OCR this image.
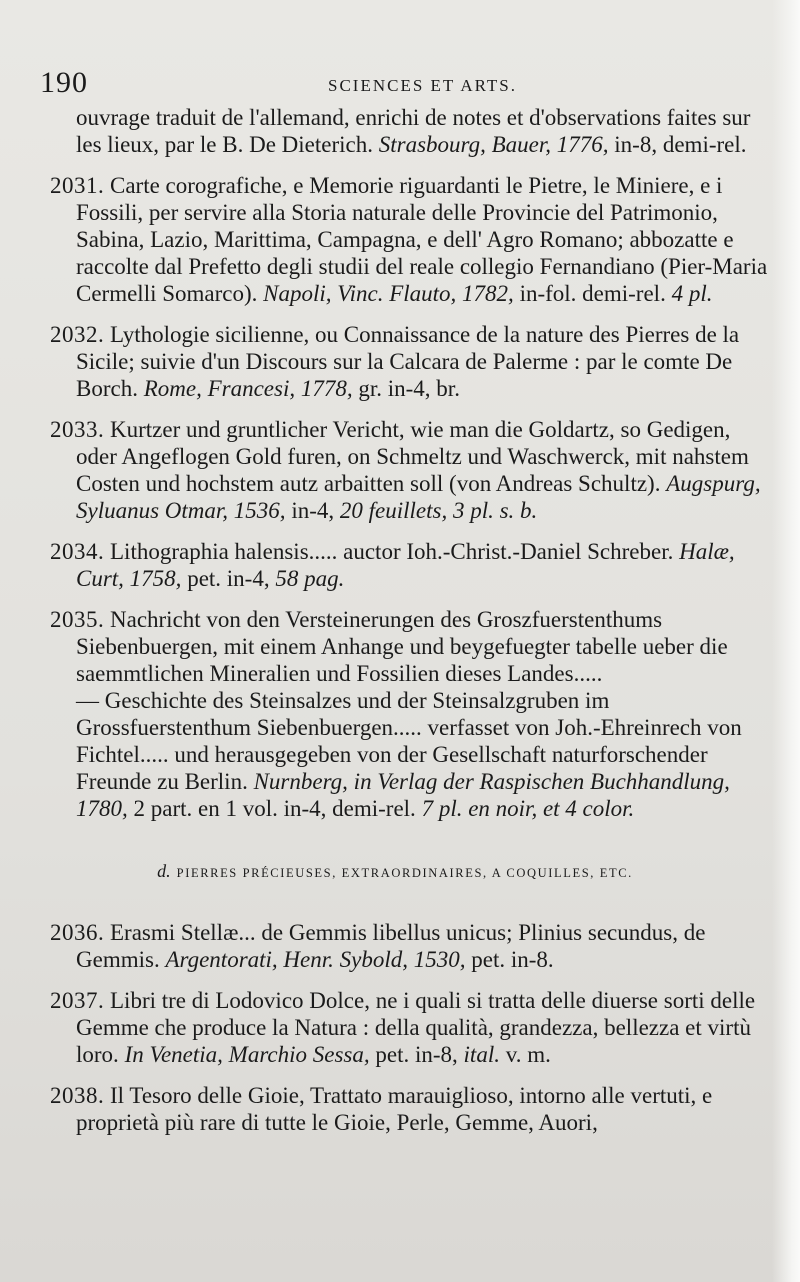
190	SCIENCES ET ARTS.

ouvrage traduit de l'allemand, enrichi de notes et d'observations faites sur les lieux, par le B. De Dieterich. Strasbourg, Bauer, 1776, in-8, demi-rel.

2031. Carte corografiche, e Memorie riguardanti le Pietre, le Miniere, e i Fossili, per servire alla Storia naturale delle Provincie del Patrimonio, Sabina, Lazio, Marittima, Campagna, e dell' Agro Romano; abbozatte e raccolte dal Prefetto degli studii del reale collegio Fernandiano (Pier-Maria Cermelli Somarco). Napoli, Vinc. Flauto, 1782, in-fol. demi-rel. 4 pl.

2032. Lythologie sicilienne, ou Connaissance de la nature des Pierres de la Sicile; suivie d'un Discours sur la Calcara de Palerme : par le comte De Borch. Rome, Francesi, 1778, gr. in-4, br.

2033. Kurtzer und gruntlicher Vericht, wie man die Goldartz, so Gedigen, oder Angeflogen Gold furen, on Schmeltz und Waschwerck, mit nahstem Costen und hochstem autz arbaitten soll (von Andreas Schultz). Augspurg, Syluanus Otmar, 1536, in-4, 20 feuillets, 3 pl. s. b.

2034. Lithographia halensis..... auctor Ioh.-Christ.-Daniel Schreber. Halæ, Curt, 1758, pet. in-4, 58 pag.

2035. Nachricht von den Versteinerungen des Groszfuerstenthums Siebenbuergen, mit einem Anhange und beygefuegter tabelle ueber die saemmtlichen Mineralien und Fossilien dieses Landes.....

— Geschichte des Steinsalzes und der Steinsalzgruben im Grossfuerstenthum Siebenbuergen..... verfasset von Joh.-Ehreinrech von Fichtel..... und herausgegeben von der Gesellschaft naturforschender Freunde zu Berlin. Nurnberg, in Verlag der Raspischen Buchhandlung, 1780, 2 part. en 1 vol. in-4, demi-rel. 7 pl. en noir, et 4 color.

d. PIERRES PRÉCIEUSES, EXTRAORDINAIRES, A COQUILLES, ETC.

2036. Erasmi Stellæ... de Gemmis libellus unicus; Plinius secundus, de Gemmis. Argentorati, Henr. Sybold, 1530, pet. in-8.

2037. Libri tre di Lodovico Dolce, ne i quali si tratta delle diuerse sorti delle Gemme che produce la Natura : della qualità, grandezza, bellezza et virtù loro. In Venetia, Marchio Sessa, pet. in-8, ital. v. m.

2038. Il Tesoro delle Gioie, Trattato marauiglioso, intorno alle vertuti, e proprietà più rare di tutte le Gioie, Perle, Gemme, Auori,
